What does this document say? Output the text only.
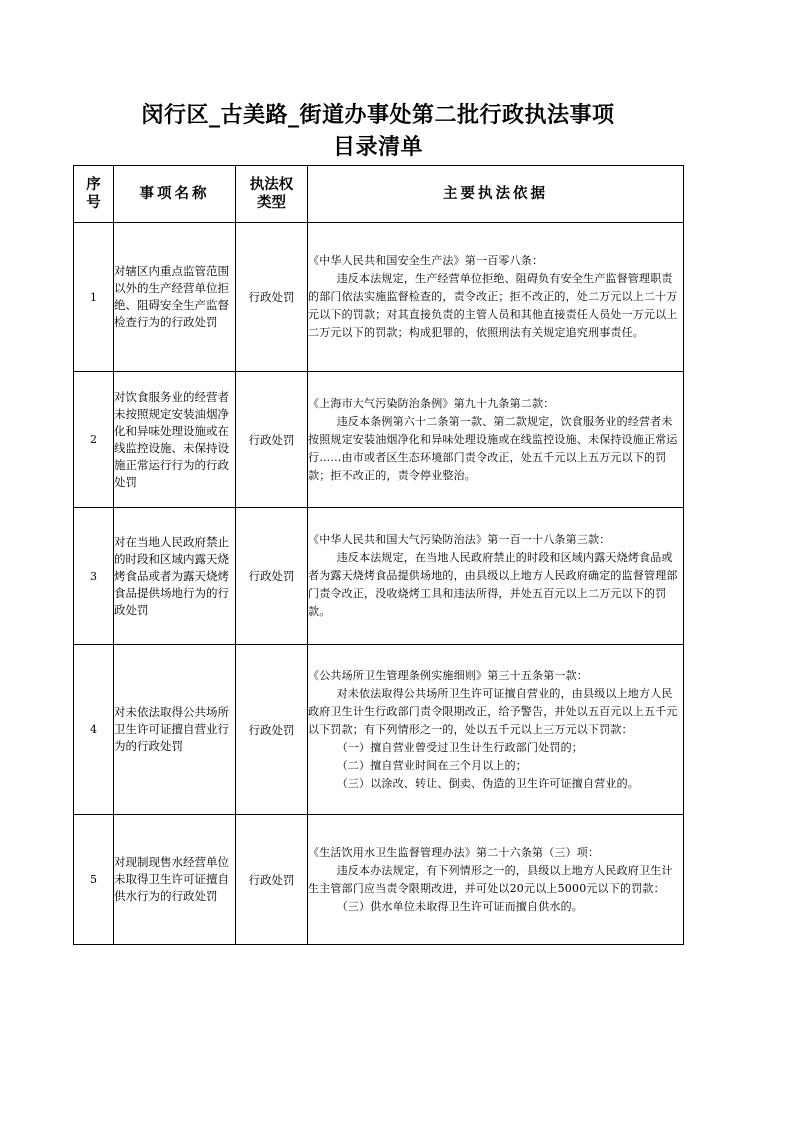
闵行区_古美路_街道办事处第二批行政执法事项
目录清单
序号	事项名称	执法权类型	主要执法依据
1	对辖区内重点监管范围以外的生产经营单位拒绝、阻碍安全生产监督检查行为的行政处罚	行政处罚	《中华人民共和国安全生产法》第一百零八条：
违反本法规定，生产经营单位拒绝、阻碍负有安全生产监督管理职责的部门依法实施监督检查的，责令改正；拒不改正的，处二万元以上二十万元以下的罚款；对其直接负责的主管人员和其他直接责任人员处一万元以上二万元以下的罚款；构成犯罪的，依照刑法有关规定追究刑事责任。

2	对饮食服务业的经营者未按照规定安装油烟净化和异味处理设施或在线监控设施、未保持设施正常运行行为的行政处罚	行政处罚	《上海市大气污染防治条例》第九十九条第二款：
违反本条例第六十二条第一款、第二款规定，饮食服务业的经营者未按照规定安装油烟净化和异味处理设施或在线监控设施、未保持设施正常运行……由市或者区生态环境部门责令改正，处五千元以上五万元以下的罚款；拒不改正的，责令停业整治。

3	对在当地人民政府禁止的时段和区域内露天烧烤食品或者为露天烧烤食品提供场地行为的行政处罚	行政处罚	《中华人民共和国大气污染防治法》第一百一十八条第三款：
违反本法规定，在当地人民政府禁止的时段和区域内露天烧烤食品或者为露天烧烤食品提供场地的，由县级以上地方人民政府确定的监督管理部门责令改正，没收烧烤工具和违法所得，并处五百元以上二万元以下的罚款。

4	对未依法取得公共场所卫生许可证擅自营业行为的行政处罚	行政处罚	《公共场所卫生管理条例实施细则》第三十五条第一款：
对未依法取得公共场所卫生许可证擅自营业的，由县级以上地方人民政府卫生计生行政部门责令限期改正，给予警告，并处以五百元以上五千元以下罚款；有下列情形之一的，处以五千元以上三万元以下罚款：
（一）擅自营业曾受过卫生计生行政部门处罚的；
（二）擅自营业时间在三个月以上的；
（三）以涂改、转让、倒卖、伪造的卫生许可证擅自营业的。

5	对现制现售水经营单位未取得卫生许可证擅自供水行为的行政处罚	行政处罚	《生活饮用水卫生监督管理办法》第二十六条第（三）项：
违反本办法规定，有下列情形之一的，县级以上地方人民政府卫生计生主管部门应当责令限期改进，并可处以20元以上5000元以下的罚款：
（三）供水单位未取得卫生许可证而擅自供水的。
